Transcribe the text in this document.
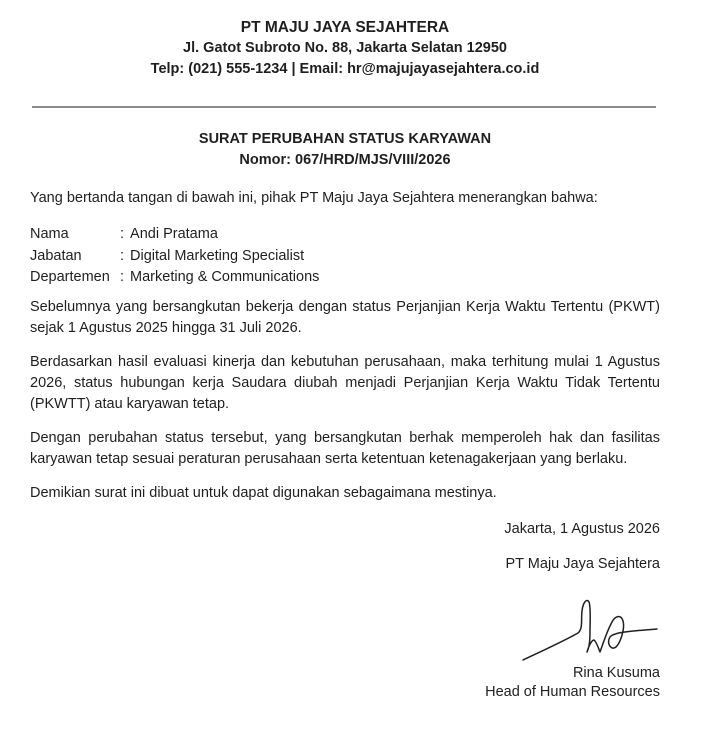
PT MAJU JAYA SEJAHTERA
Jl. Gatot Subroto No. 88, Jakarta Selatan 12950
Telp: (021) 555-1234 | Email: hr@majujayasejahtera.co.id
SURAT PERUBAHAN STATUS KARYAWAN
Nomor: 067/HRD/MJS/VIII/2026

Yang bertanda tangan di bawah ini, pihak PT Maju Jaya Sejahtera menerangkan bahwa:

Nama	: Andi Pratama
Jabatan	: Digital Marketing Specialist
Departemen : Marketing & Communications

Sebelumnya yang bersangkutan bekerja dengan status Perjanjian Kerja Waktu Tertentu (PKWT) sejak 1 Agustus 2025 hingga 31 Juli 2026.

Berdasarkan hasil evaluasi kinerja dan kebutuhan perusahaan, maka terhitung mulai 1 Agustus 2026, status hubungan kerja Saudara diubah menjadi Perjanjian Kerja Waktu Tidak Tertentu (PKWTT) atau karyawan tetap.

Dengan perubahan status tersebut, yang bersangkutan berhak memperoleh hak dan fasilitas karyawan tetap sesuai peraturan perusahaan serta ketentuan ketenagakerjaan yang berlaku.

Demikian surat ini dibuat untuk dapat digunakan sebagaimana mestinya.

Jakarta, 1 Agustus 2026
PT Maju Jaya Sejahtera
Rina Kusuma
Head of Human Resources
